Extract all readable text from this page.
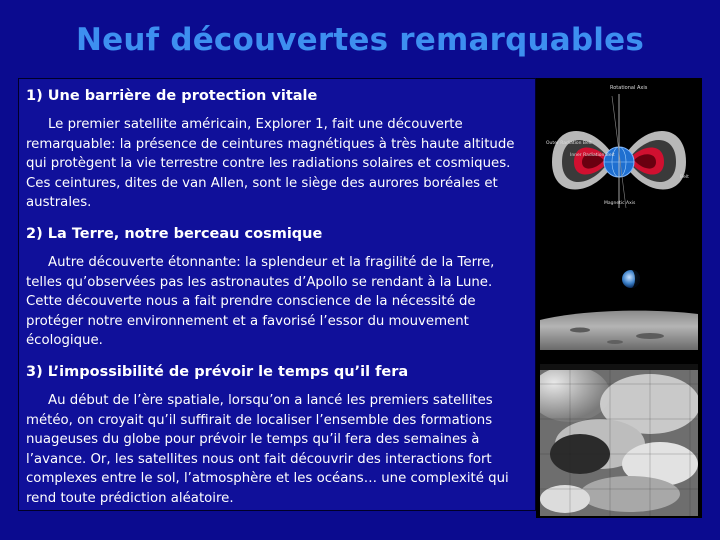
Neuf découvertes remarquables
1) Une barrière de protection vitale

Le premier satellite américain, Explorer 1, fait une découverte remarquable: la présence de ceintures magnétiques à très haute altitude qui protègent la vie terrestre contre les radiations solaires et cosmiques. Ces ceintures, dites de van Allen, sont le siège des aurores boréales et australes.

2) La Terre, notre berceau cosmique

Autre découverte étonnante: la splendeur et la fragilité de la Terre, telles qu’observées pas les astronautes d’Apollo se rendant à la Lune. Cette découverte nous a fait prendre conscience de la nécessité de protéger notre environnement et a favorisé l’essor du mouvement écologique.

3) L’impossibilité de prévoir le temps qu’il fera

Au début de l’ère spatiale, lorsqu’on a lancé les premiers satellites météo, on croyait qu’il suffirait de localiser l’ensemble des formations nuageuses du globe pour prévoir le temps qu’il fera des semaines à l’avance. Or, les satellites nous ont fait découvrir des interactions fort complexes entre le sol, l’atmosphère et les océans… une complexité qui rend toute prédiction aléatoire.

Rotational Axis
Outer Radiation Belt
Inner Radiation Belt
Magnetic Axis
Belt
